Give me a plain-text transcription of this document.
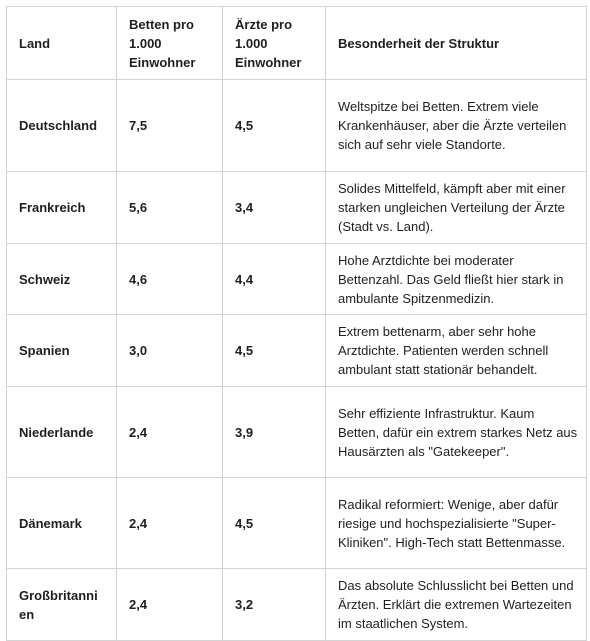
Land	Betten pro 1.000 Einwohner	Ärzte pro 1.000 Einwohner	Besonderheit der Struktur
Deutschland	7,5	4,5	Weltspitze bei Betten. Extrem viele Krankenhäuser, aber die Ärzte verteilen sich auf sehr viele Standorte.
Frankreich	5,6	3,4	Solides Mittelfeld, kämpft aber mit einer starken ungleichen Verteilung der Ärzte (Stadt vs. Land).
Schweiz	4,6	4,4	Hohe Arztdichte bei moderater Bettenzahl. Das Geld fließt hier stark in ambulante Spitzenmedizin.
Spanien	3,0	4,5	Extrem bettenarm, aber sehr hohe Arztdichte. Patienten werden schnell ambulant statt stationär behandelt.
Niederlande	2,4	3,9	Sehr effiziente Infrastruktur. Kaum Betten, dafür ein extrem starkes Netz aus Hausärzten als "Gatekeeper".
Dänemark	2,4	4,5	Radikal reformiert: Wenige, aber dafür riesige und hochspezialisierte "Super-Kliniken". High-Tech statt Bettenmasse.
Großbritannien	2,4	3,2	Das absolute Schlusslicht bei Betten und Ärzten. Erklärt die extremen Wartezeiten im staatlichen System.
